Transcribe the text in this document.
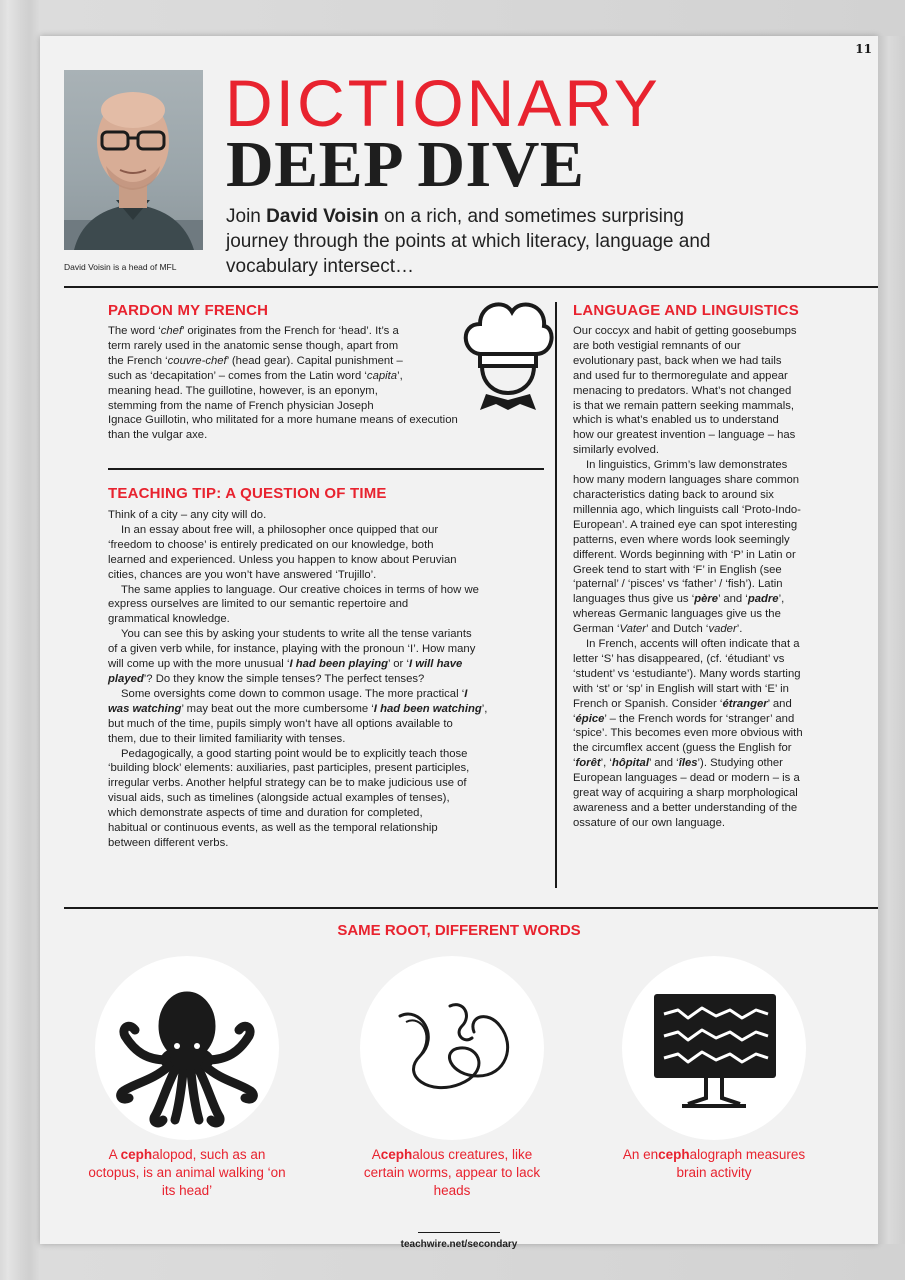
11
David Voisin is a head of MFL
DICTIONARY
DEEP DIVE
Join David Voisin on a rich, and sometimes surprising journey through the points at which literacy, language and vocabulary intersect…
PARDON MY FRENCH

The word ‘chef’ originates from the French for ‘head’. It’s a
term rarely used in the anatomic sense though, apart from
the French ‘couvre-chef’ (head gear). Capital punishment –
such as ‘decapitation’ – comes from the Latin word ‘capita’,
meaning head. The guillotine, however, is an eponym,
stemming from the name of French physician Joseph
Ignace Guillotin, who militated for a more humane means of execution
than the vulgar axe.

TEACHING TIP: A QUESTION OF TIME

Think of a city – any city will do.

In an essay about free will, a philosopher once quipped that our
‘freedom to choose’ is entirely predicated on our knowledge, both
learned and experienced. Unless you happen to know about Peruvian
cities, chances are you won’t have answered ‘Trujillo’.

The same applies to language. Our creative choices in terms of how we
express ourselves are limited to our semantic repertoire and
grammatical knowledge.

You can see this by asking your students to write all the tense variants
of a given verb while, for instance, playing with the pronoun ‘I’. How many
will come up with the more unusual ‘I had been playing’ or ‘I will have
played’? Do they know the simple tenses? The perfect tenses?

Some oversights come down to common usage. The more practical ‘I
was watching’ may beat out the more cumbersome ‘I had been watching’,
but much of the time, pupils simply won’t have all options available to
them, due to their limited familiarity with tenses.

Pedagogically, a good starting point would be to explicitly teach those
‘building block’ elements: auxiliaries, past participles, present participles,
irregular verbs. Another helpful strategy can be to make judicious use of
visual aids, such as timelines (alongside actual examples of tenses),
which demonstrate aspects of time and duration for completed,
habitual or continuous events, as well as the temporal relationship
between different verbs.

LANGUAGE AND LINGUISTICS

Our coccyx and habit of getting goosebumps
are both vestigial remnants of our
evolutionary past, back when we had tails
and used fur to thermoregulate and appear
menacing to predators. What’s not changed
is that we remain pattern seeking mammals,
which is what’s enabled us to understand
how our greatest invention – language – has
similarly evolved.

In linguistics, Grimm’s law demonstrates
how many modern languages share common
characteristics dating back to around six
millennia ago, which linguists call ‘Proto-Indo-
European’. A trained eye can spot interesting
patterns, even where words look seemingly
different. Words beginning with ‘P’ in Latin or
Greek tend to start with ‘F’ in English (see
‘paternal’ / ‘pisces’ vs ‘father’ / ‘fish’). Latin
languages thus give us ‘père’ and ‘padre’,
whereas Germanic languages give us the
German ‘Vater’ and Dutch ‘vader’.

In French, accents will often indicate that a
letter ‘S’ has disappeared, (cf. ‘étudiant’ vs
‘student’ vs ‘estudiante’). Many words starting
with ‘st’ or ‘sp’ in English will start with ‘E’ in
French or Spanish. Consider ‘étranger’ and
‘épice’ – the French words for ‘stranger’ and
‘spice’. This becomes even more obvious with
the circumflex accent (guess the English for
‘forêt’, ‘hôpital’ and ‘îles’). Studying other
European languages – dead or modern – is a
great way of acquiring a sharp morphological
awareness and a better understanding of the
ossature of our own language.

SAME ROOT, DIFFERENT WORDS
A cephalopod, such as an octopus, is an animal walking ‘on its head’
Acephalous creatures, like certain worms, appear to lack heads
An encephalograph measures brain activity
teachwire.net/secondary
